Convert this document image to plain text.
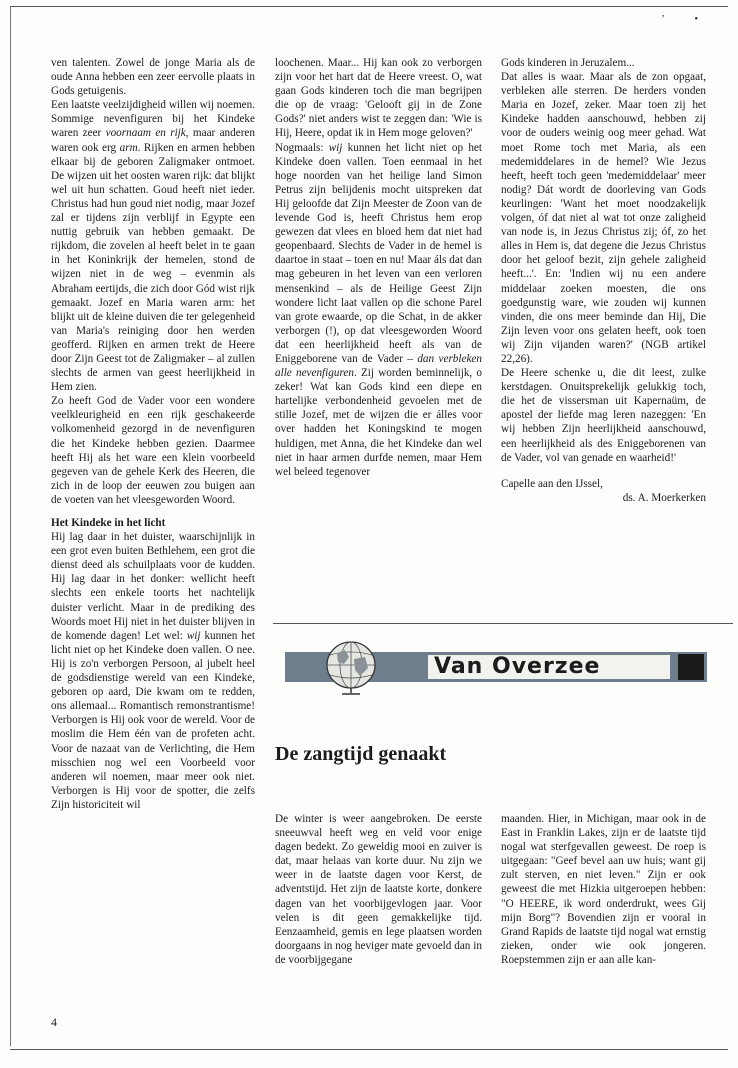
’ •

ven talenten. Zowel de jonge Maria als de oude Anna hebben een zeer eervolle plaats in Gods getuigenis.

Een laatste veelzijdigheid willen wij noemen. Sommige nevenfiguren bij het Kindeke waren zeer voornaam en rijk, maar anderen waren ook erg arm. Rijken en armen hebben elkaar bij de geboren Zaligmaker ontmoet. De wijzen uit het oosten waren rijk: dat blijkt wel uit hun schatten. Goud heeft niet ieder. Christus had hun goud niet nodig, maar Jozef zal er tijdens zijn verblijf in Egypte een nuttig gebruik van hebben gemaakt. De rijkdom, die zovelen al heeft belet in te gaan in het Koninkrijk der hemelen, stond de wijzen niet in de weg – evenmin als Abraham eertijds, die zich door Gód wist rijk gemaakt. Jozef en Maria waren arm: het blijkt uit de kleine duiven die ter gelegenheid van Maria's reiniging door hen werden geofferd. Rijken en armen trekt de Heere door Zijn Geest tot de Zaligmaker – al zullen slechts de armen van geest heerlijkheid in Hem zien.

Zo heeft God de Vader voor een wondere veelkleurigheid en een rijk geschakeerde volkomenheid gezorgd in de nevenfiguren die het Kindeke hebben gezien. Daarmee heeft Hij als het ware een klein voorbeeld gegeven van de gehele Kerk des Heeren, die zich in de loop der eeuwen zou buigen aan de voeten van het vleesgeworden Woord.

Het Kindeke in het licht

Hij lag daar in het duister, waarschijnlijk in een grot even buiten Bethlehem, een grot die dienst deed als schuilplaats voor de kudden. Hij lag daar in het donker: wellicht heeft slechts een enkele toorts het nachtelijk duister verlicht. Maar in de prediking des Woords moet Hij niet in het duister blijven in de komende dagen! Let wel: wij kunnen het licht niet op het Kindeke doen vallen. O nee. Hij is zo'n verborgen Persoon, al jubelt heel de godsdienstige wereld van een Kindeke, geboren op aard, Die kwam om te redden, ons allemaal... Romantisch remonstrantisme! Verborgen is Hij ook voor de wereld. Voor de moslim die Hem één van de profeten acht. Voor de nazaat van de Verlichting, die Hem misschien nog wel een Voorbeeld voor anderen wil noemen, maar meer ook niet. Verborgen is Hij voor de spotter, die zelfs Zijn historiciteit wil

loochenen. Maar... Hij kan ook zo verborgen zijn voor het hart dat de Heere vreest. O, wat gaan Gods kinderen toch die man begrijpen die op de vraag: 'Gelooft gij in de Zone Gods?' niet anders wist te zeggen dan: 'Wie is Hij, Heere, opdat ik in Hem moge geloven?'

Nogmaals: wij kunnen het licht niet op het Kindeke doen vallen. Toen eenmaal in het hoge noorden van het heilige land Simon Petrus zijn belijdenis mocht uitspreken dat Hij geloofde dat Zijn Meester de Zoon van de levende God is, heeft Christus hem erop gewezen dat vlees en bloed hem dat niet had geopenbaard. Slechts de Vader in de hemel is daartoe in staat – toen en nu! Maar áls dat dan mag gebeuren in het leven van een verloren mensenkind – als de Heilige Geest Zijn wondere licht laat vallen op die schone Parel van grote ewaarde, op die Schat, in de akker verborgen (!), op dat vleesgeworden Woord dat een heerlijkheid heeft als van de Eniggeborene van de Vader – dan verbleken alle nevenfiguren. Zij worden beminnelijk, o zeker! Wat kan Gods kind een diepe en hartelijke verbondenheid gevoelen met de stille Jozef, met de wijzen die er álles voor over hadden het Koningskind te mogen huldigen, met Anna, die het Kindeke dan wel niet in haar armen durfde nemen, maar Hem wel beleed tegenover

Gods kinderen in Jeruzalem...

Dat alles is waar. Maar als de zon opgaat, verbleken alle sterren. De herders vonden Maria en Jozef, zeker. Maar toen zij het Kindeke hadden aanschouwd, hebben zij voor de ouders weinig oog meer gehad. Wat moet Rome toch met Maria, als een medemiddelares in de hemel? Wie Jezus heeft, heeft toch geen 'medemiddelaar' meer nodig? Dát wordt de doorleving van Gods keurlingen: 'Want het moet noodzakelijk volgen, óf dat niet al wat tot onze zaligheid van node is, in Jezus Christus zij; óf, zo het alles in Hem is, dat degene die Jezus Christus door het geloof bezit, zijn gehele zaligheid heeft...'. En: 'Indien wij nu een andere middelaar zoeken moesten, die ons goedgunstig ware, wie zouden wij kunnen vinden, die ons meer beminde dan Hij, Die Zijn leven voor ons gelaten heeft, ook toen wij Zijn vijanden waren?' (NGB artikel 22,26).

De Heere schenke u, die dit leest, zulke kerstdagen. Onuitsprekelijk gelukkig toch, die het de vissersman uit Kapernaüm, de apostel der liefde mag leren nazeggen: 'En wij hebben Zijn heerlijkheid aanschouwd, een heerlijkheid als des Eniggeborenen van de Vader, vol van genade en waarheid!'

Capelle aan den IJssel,

ds. A. Moerkerken

Van Overzee
De zangtijd genaakt

De winter is weer aangebroken. De eerste sneeuwval heeft weg en veld voor enige dagen bedekt. Zo geweldig mooi en zuiver is dat, maar helaas van korte duur. Nu zijn we weer in de laatste dagen voor Kerst, de adventstijd. Het zijn de laatste korte, donkere dagen van het voorbijgevlogen jaar. Voor velen is dit geen gemakkelijke tijd. Eenzaamheid, gemis en lege plaatsen worden doorgaans in nog heviger mate gevoeld dan in de voorbijgegane

maanden. Hier, in Michigan, maar ook in de East in Franklin Lakes, zijn er de laatste tijd nogal wat sterfgevallen geweest. De roep is uitgegaan: "Geef bevel aan uw huis; want gij zult sterven, en niet leven." Zijn er ook geweest die met Hizkia uitgeroepen hebben: "O HEERE, ik word onderdrukt, wees Gij mijn Borg"? Bovendien zijn er vooral in Grand Rapids de laatste tijd nogal wat ernstig zieken, onder wie ook jongeren. Roepstemmen zijn er aan alle kan-

4
